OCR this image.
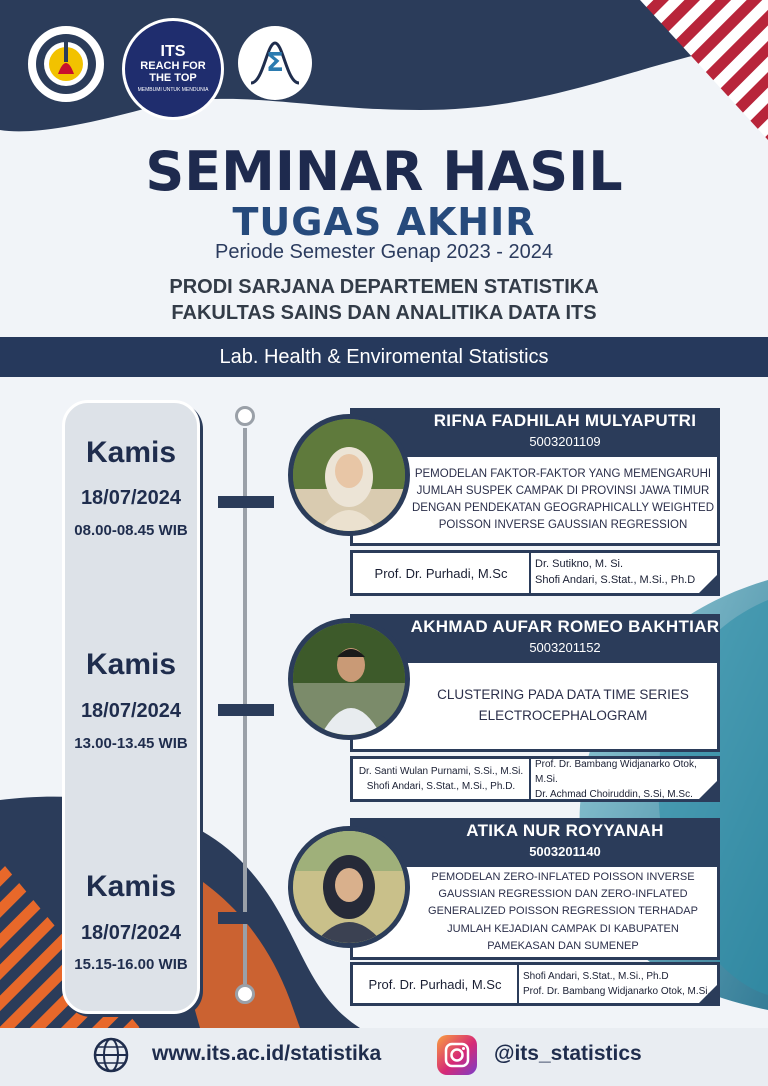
ITS
REACH FOR
THE TOP
MEMBUMI UNTUK MENDUNIA
Σ
SEMINAR HASIL
TUGAS AKHIR
Periode Semester Genap 2023 - 2024
PRODI SARJANA DEPARTEMEN STATISTIKA
FAKULTAS SAINS DAN ANALITIKA DATA ITS
Lab. Health & Enviromental Statistics
Kamis
18/07/2024
08.00-08.45 WIB
Kamis
18/07/2024
13.00-13.45 WIB
Kamis
18/07/2024
15.15-16.00 WIB
RIFNA FADHILAH MULYAPUTRI
5003201109
PEMODELAN FAKTOR-FAKTOR YANG MEMENGARUHI
JUMLAH SUSPEK CAMPAK DI PROVINSI JAWA TIMUR
DENGAN PENDEKATAN GEOGRAPHICALLY WEIGHTED
POISSON INVERSE GAUSSIAN REGRESSION
Prof. Dr. Purhadi, M.Sc
Dr. Sutikno, M. Si.
Shofi Andari, S.Stat., M.Si., Ph.D
AKHMAD AUFAR ROMEO BAKHTIAR
5003201152
CLUSTERING PADA DATA TIME SERIES
ELECTROCEPHALOGRAM
Dr. Santi Wulan Purnami, S.Si., M.Si.
Shofi Andari, S.Stat., M.Si., Ph.D.
Prof. Dr. Bambang Widjanarko Otok, M.Si.
Dr. Achmad Choiruddin, S.Si, M.Sc.
ATIKA NUR ROYYANAH
5003201140
PEMODELAN ZERO-INFLATED POISSON INVERSE
GAUSSIAN REGRESSION DAN ZERO-INFLATED
GENERALIZED POISSON REGRESSION TERHADAP
JUMLAH KEJADIAN CAMPAK DI KABUPATEN
PAMEKASAN DAN SUMENEP
Prof. Dr. Purhadi, M.Sc	Shofi Andari, S.Stat., M.Si., Ph.D
Prof. Dr. Bambang Widjanarko Otok, M.Si.
www.its.ac.id/statistika	@its_statistics
